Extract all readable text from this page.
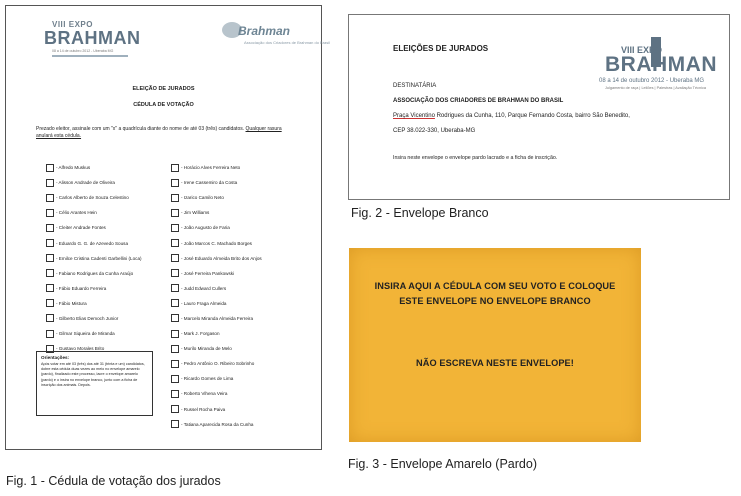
VIII EXPO
BRAHMAN
08 a 14 de outubro 2012 - Uberaba MG
Brahman
Associação dos Criadores de Brahman do Brasil
ELEIÇÃO DE JURADOS
CÉDULA DE VOTAÇÃO
Prezado eleitor, assinale com um "x" a quadrícula diante do nome de até 03 (três) candidatos. Qualquer rasura anulará esta cédula.
- Alfredo Muskus
- Alisson Andrade de Oliveira
- Carlos Alberto de Souza Celestino
- Célio Arantes Hein
- Cleiter Andrade Fontes
- Eduardo G. G. de Azevedo Sousa
- Emilce Cristina Cadenti Garbellini (Loca)
- Fabiano Rodrigues da Cunha Araújo
- Fábio Eduardo Ferreira
- Fábio Mistura
- Gilberto Elias Democh Junior
- Gilmar Siqueira de Miranda
- Gustavo Morales Brito
- Horácio Alves Ferreira Neto
- Irene Cassemiro da Costa
- Izarico Camilo Neto
- Jim Williams
- João Augusto de Faria
- João Marcos C. Machado Borges
- José Eduardo Almeida Brito dos Anjos
- José Ferreira Pankowski
- Judd Edward Cullers
- Lauro Fraga Almeida
- Marcelo Miranda Almeida Ferreira
- Mark J. Forgason
- Murilo Miranda de Melo
- Pedro Antônio O. Ribeiro Sobrinho
- Ricardo Gomes de Lima
- Roberto Vihena Veira
- Russel Rocha Paiva
- Tatiana Aparecida Rosa da Cunha
Orientações:
Após votar em até 03 (três) dos até 31 (trinta e um) candidatos, dobre esta cédula duas vezes ao meio no envelope amarelo (pardo), finalizado este processo, lacre o envelope amarelo (pardo) e o insira no envelope branco, junto com a ficha de inscrição dos animais. Depois.
ELEIÇÕES DE JURADOS	VIII EXPO
BRAHMAN
08 a 14 de outubro 2012 - Uberaba MG
Julgamento de raça | Leilões | Palestras | Avaliação Técnica
DESTINATÁRIA
ASSOCIAÇÃO DOS CRIADORES DE BRAHMAN DO BRASIL
Praça Vicentino Rodrigues da Cunha, 110, Parque Fernando Costa, bairro São Benedito,
CEP 38.022-330, Uberaba-MG
Insira neste envelope o envelope pardo lacrado e a ficha de inscrição.
INSIRA AQUI A CÉDULA COM SEU VOTO E COLOQUE
ESTE ENVELOPE NO ENVELOPE BRANCO
NÃO ESCREVA NESTE ENVELOPE!
Fig. 1 - Cédula de votação dos jurados
Fig. 2 - Envelope Branco
Fig. 3 - Envelope Amarelo (Pardo)
